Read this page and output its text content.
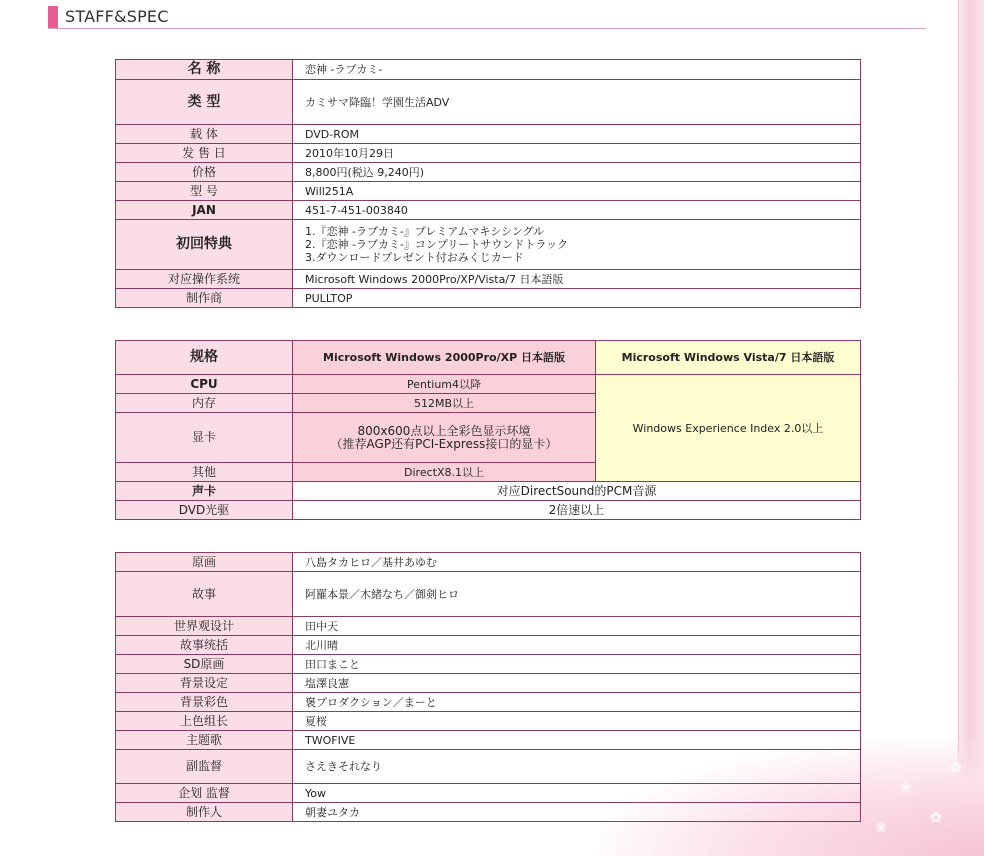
❀
✿
❀
✿
STAFF&SPEC
名 称	恋神 -ラブカミ-

类 型	カミサマ降臨！学園生活ADV

载 体	DVD-ROM

发 售 日	2010年10月29日

价格	8,800円(税込 9,240円)

型 号	Will251A

JAN	451-7-451-003840

初回特典	1.『恋神 -ラブカミ-』プレミアムマキシシングル
2.『恋神 -ラブカミ-』コンプリートサウンドトラック
3.ダウンロードプレゼント付おみくじカード

对应操作系统	Microsoft Windows 2000Pro/XP/Vista/7 日本語版

制作商	PULLTOP
规格	Microsoft Windows 2000Pro/XP 日本語版	Microsoft Windows Vista/7 日本語版
CPU	Pentium4以降	Windows Experience Index 2.0以上
内存	512MB以上	

显卡	800x600点以上全彩色显示环境
（推荐AGP还有PCI-Express接口的显卡）	

其他	DirectX8.1以上	

声卡	对应DirectSound的PCM音源	
DVD光驱	2倍速以上	
原画	八島タカヒロ／基井あゆむ
故事	阿羅本景／木緒なち／御剣ヒロ
世界观设计	田中天
故事统括	北川晴
SD原画	田口まこと
背景设定	塩澤良憲
背景彩色	褒プロダクション／まーと
上色组长	夏桜
主题歌	TWOFIVE
副监督	さえきそれなり
企划 监督	Yow
制作人	朝妻ユタカ
